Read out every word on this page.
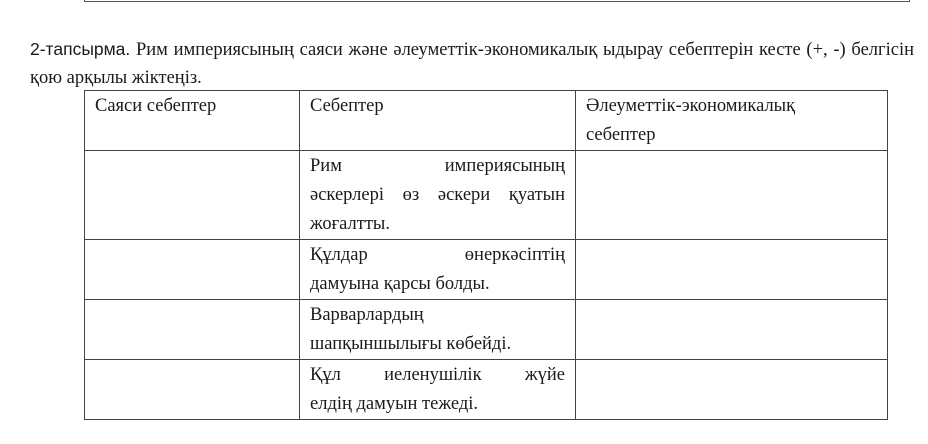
2-тапсырма. Рим империясының саяси және әлеуметтік-экономикалық ыдырау себептерін кесте (+, -) белгісін қою арқылы жіктеңіз.
Саяси себептер	Себептер	Әлеуметтік-экономикалық
себептер

	Рим империясының
әскерлері өз әскери қуатын
жоғалтты.	

	Құлдар өнеркәсіптің
дамуына қарсы болды.	

	Варварлардың
шапқыншылығы көбейді.	

	Құл иеленушілік жүйе
елдің дамуын тежеді.	
